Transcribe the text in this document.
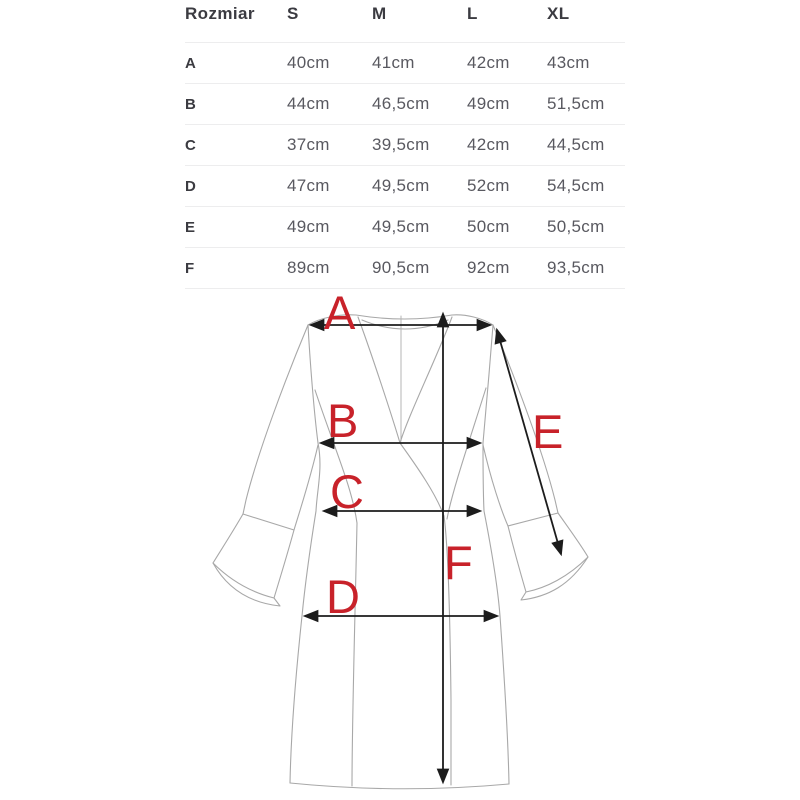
Rozmiar	S	M	L	XL
A	40cm	41cm	42cm	43cm
B	44cm	46,5cm	49cm	51,5cm
C	37cm	39,5cm	42cm	44,5cm
D	47cm	49,5cm	52cm	54,5cm
E	49cm	49,5cm	50cm	50,5cm
F	89cm	90,5cm	92cm	93,5cm
A
B
C
D
E
F
